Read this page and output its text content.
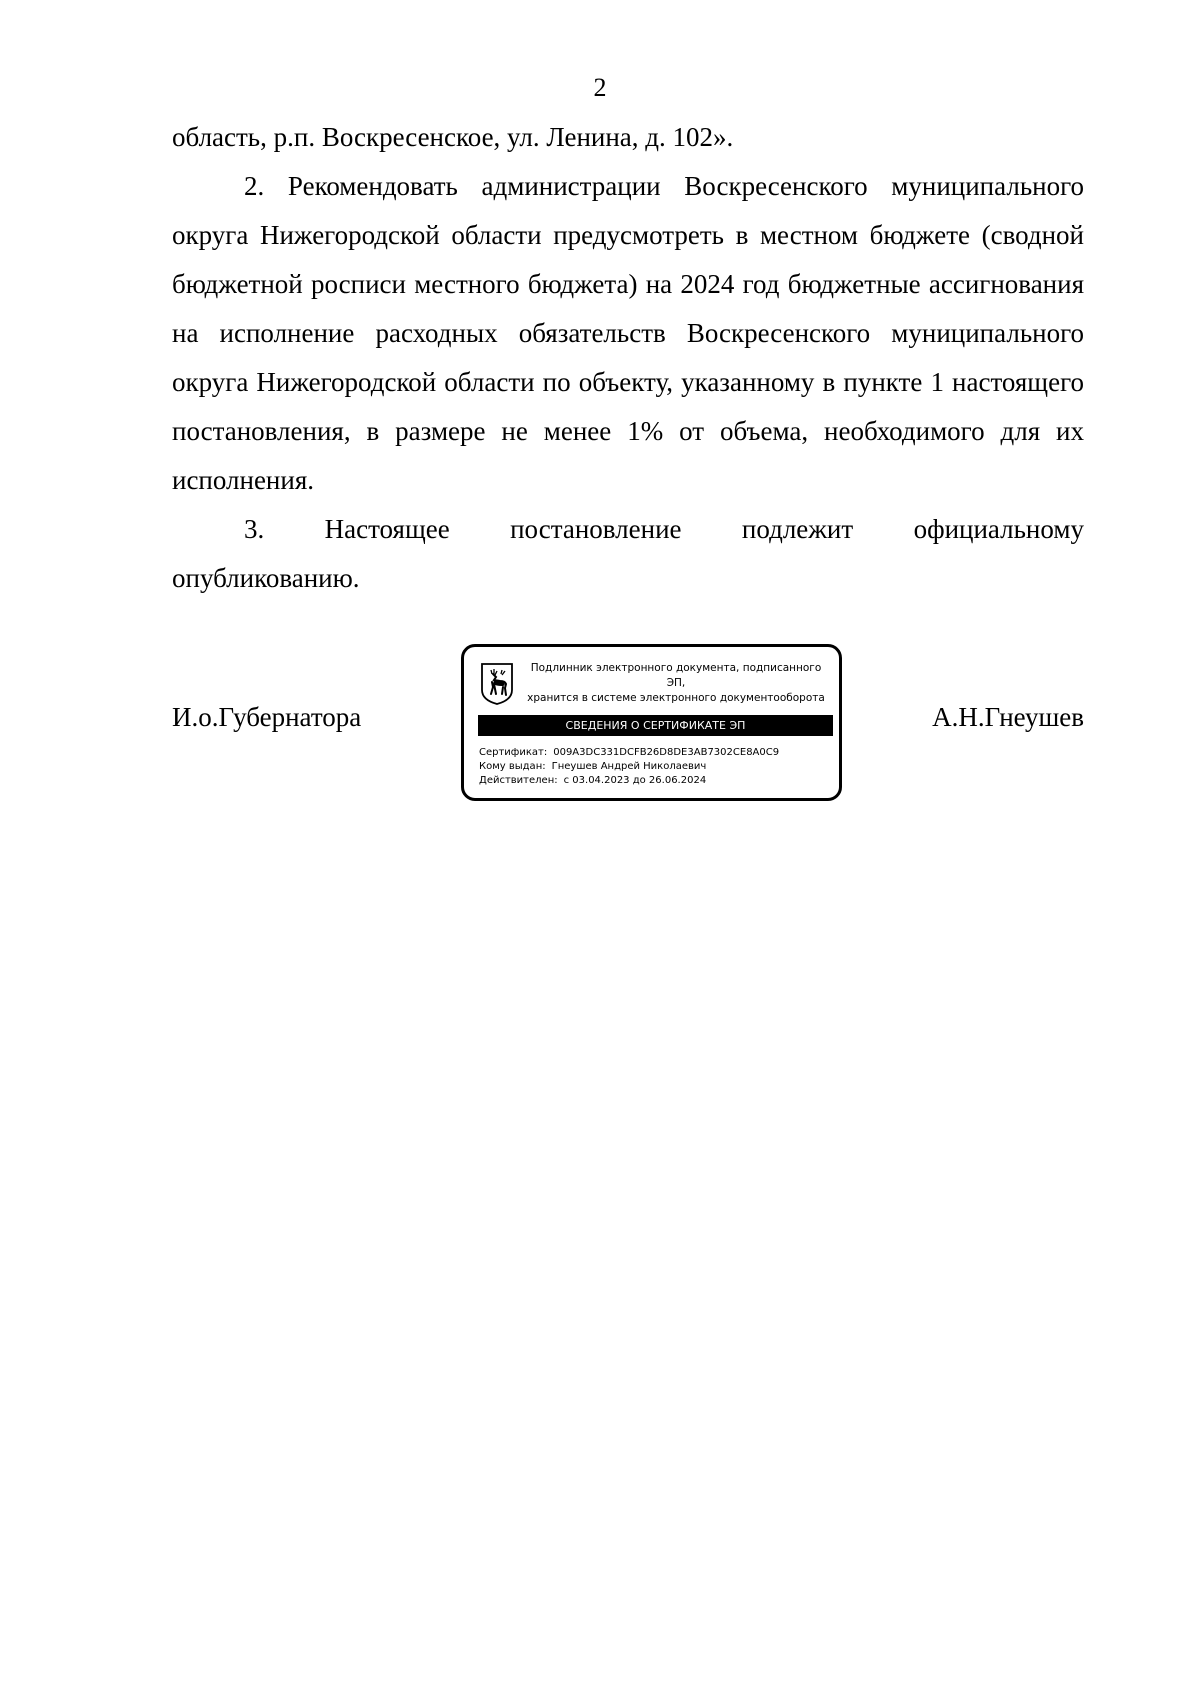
2

область, р.п. Воскресенское, ул. Ленина, д. 102».

2. Рекомендовать администрации Воскресенского муниципального округа Нижегородской области предусмотреть в местном бюджете (сводной бюджетной росписи местного бюджета) на 2024 год бюджетные ассигнования на исполнение расходных обязательств Воскресенского муниципального округа Нижегородской области по объекту, указанному в пункте 1 настоящего постановления, в размере не менее 1% от объема, необходимого для их исполнения.

3. Настоящее постановление подлежит официальному
опубликованию.
И.о.Губернатора	А.Н.Гнеушев
Подлинник электронного документа, подписанного ЭП,
хранится в системе электронного документооборота
СВЕДЕНИЯ О СЕРТИФИКАТЕ ЭП
Сертификат: 009A3DC331DCFB26D8DE3AB7302CE8A0C9
Кому выдан: Гнеушев Андрей Николаевич
Действителен: с 03.04.2023 до 26.06.2024
